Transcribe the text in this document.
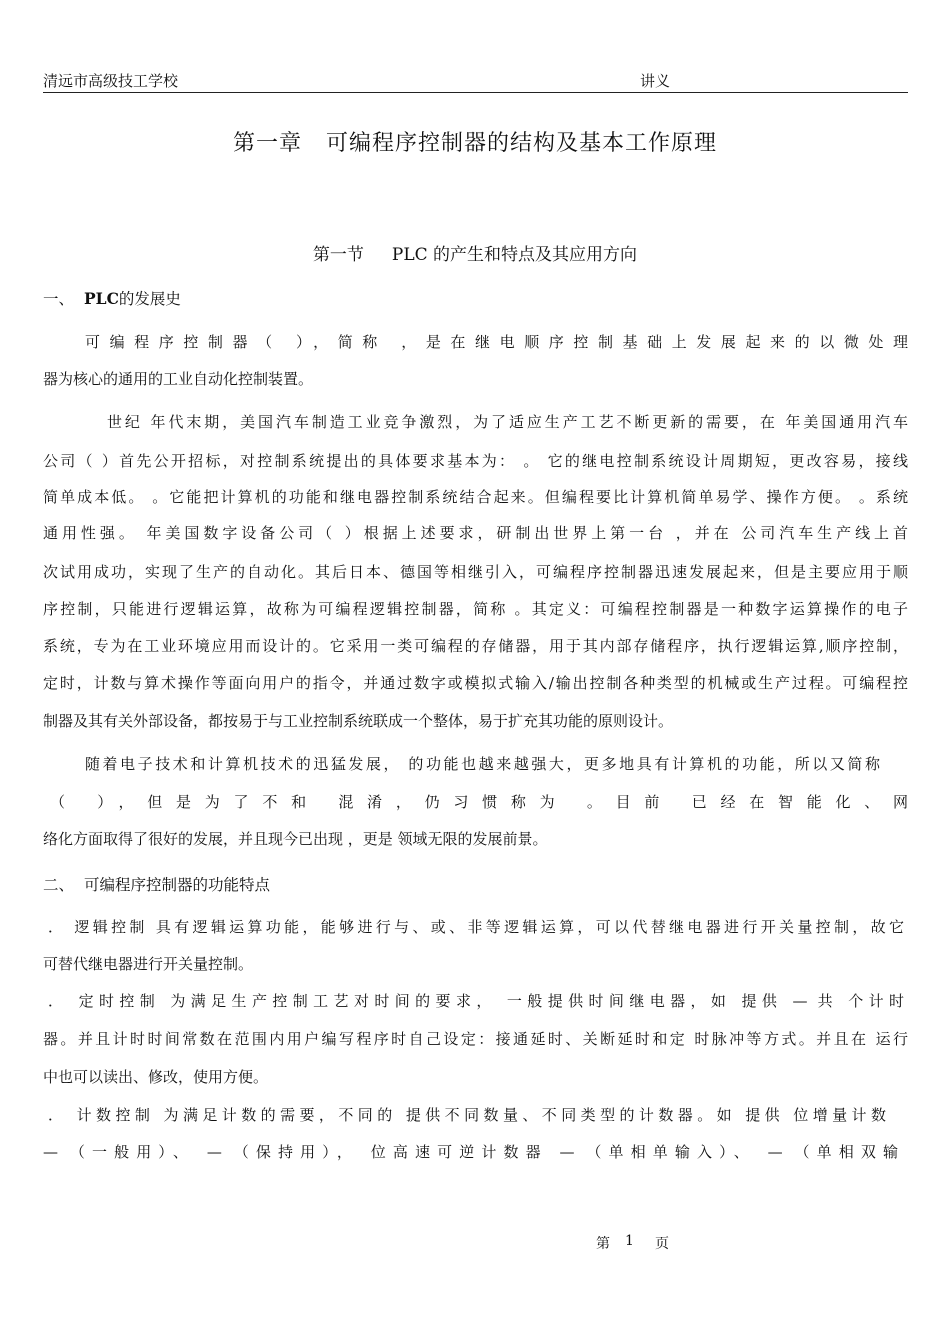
清远市高级技工学校	讲义
第一章 可编程序控制器的结构及基本工作原理
第一节 PLC 的产生和特点及其应用方向
一、 PLC的发展史
可编程序控制器（ ），简称 ，是在继电顺序控制基础上发展起来的以微处理
器为核心的通用的工业自动化控制装置。
世纪 年代末期，美国汽车制造工业竞争激烈，为了适应生产工艺不断更新的需要，在 年美国通用汽车
公司（ ）首先公开招标，对控制系统提出的具体要求基本为： 。 它的继电控制系统设计周期短，更改容易，接线
简单成本低。 。它能把计算机的功能和继电器控制系统结合起来。但编程要比计算机简单易学、操作方便。 。系统
通用性强。 年美国数字设备公司（ ）根据上述要求，研制出世界上第一台 ，并在 公司汽车生产线上首
次试用成功，实现了生产的自动化。其后日本、德国等相继引入，可编程序控制器迅速发展起来，但是主要应用于顺
序控制，只能进行逻辑运算，故称为可编程逻辑控制器，简称 。其定义：可编程控制器是一种数字运算操作的电子
系统，专为在工业环境应用而设计的。它采用一类可编程的存储器，用于其内部存储程序，执行逻辑运算,顺序控制，
定时，计数与算术操作等面向用户的指令，并通过数字或模拟式输入/输出控制各种类型的机械或生产过程。可编程控
制器及其有关外部设备，都按易于与工业控制系统联成一个整体，易于扩充其功能的原则设计。
随着电子技术和计算机技术的迅猛发展， 的功能也越来越强大，更多地具有计算机的功能，所以又简称
（ ），但是为了不和 混淆，仍习惯称为 。目前 已经在智能化、网
络化方面取得了很好的发展，并且现今已出现 ，更是 领域无限的发展前景。
二、 可编程序控制器的功能特点
． 逻辑控制 具有逻辑运算功能，能够进行与、或、非等逻辑运算，可以代替继电器进行开关量控制，故它
可替代继电器进行开关量控制。
． 定时控制 为满足生产控制工艺对时间的要求， 一般提供时间继电器，如 提供 — 共 个计时
器。并且计时时间常数在范围内用户编写程序时自己设定：接通延时、关断延时和定 时脉冲等方式。并且在 运行
中也可以读出、修改，使用方便。
． 计数控制 为满足计数的需要，不同的 提供不同数量、不同类型的计数器。如 提供 位增量计数
— （一般用）、 — （保持用）， 位高速可逆计数器 — （单相单输入）、 — （单相双输
第 1 页
